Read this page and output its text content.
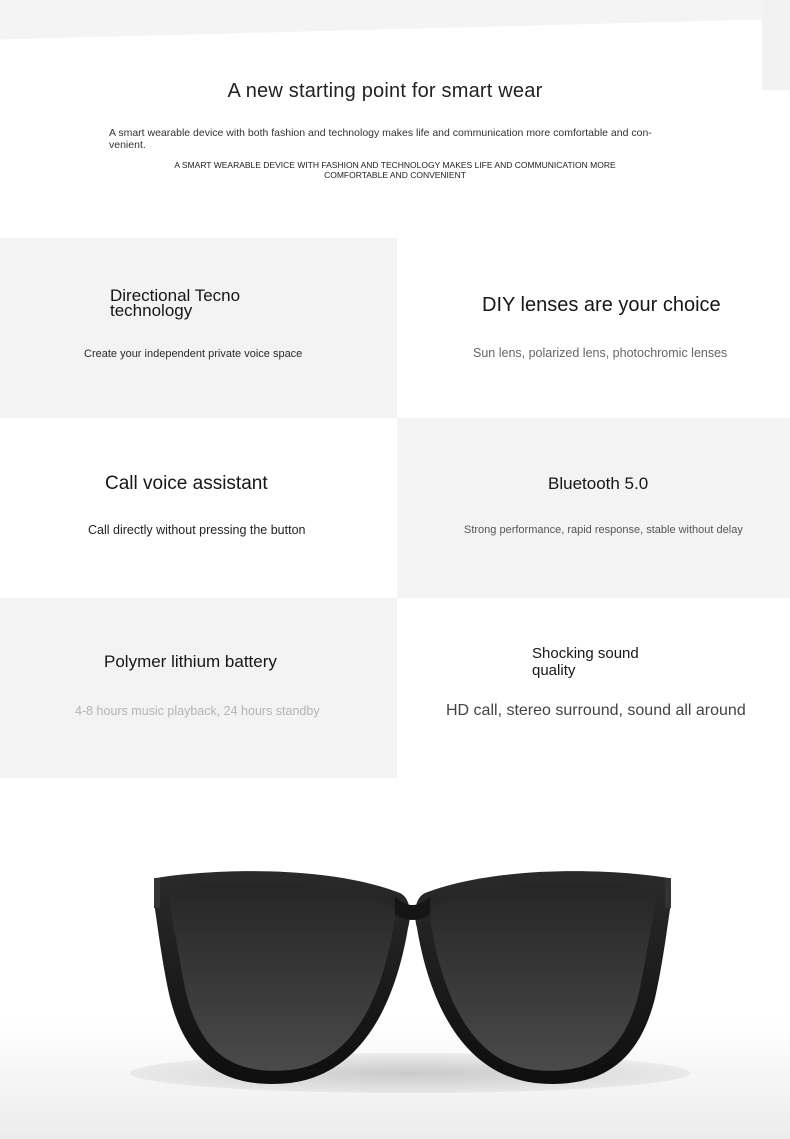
A new starting point for smart wear

A smart wearable device with both fashion and technology makes life and communication more comfortable and con- venient.

A SMART WEARABLE DEVICE WITH FASHION AND TECHNOLOGY MAKES LIFE AND COMMUNICATION MORE
COMFORTABLE AND CONVENIENT
Directional Tecno
technology
Create your independent private voice space
DIY lenses are your choice
Sun lens, polarized lens, photochromic lenses
Call voice assistant
Call directly without pressing the button
Bluetooth 5.0
Strong performance, rapid response, stable without delay
Polymer lithium battery
4-8 hours music playback, 24 hours standby
Shocking sound
quality
HD call, stereo surround, sound all around
